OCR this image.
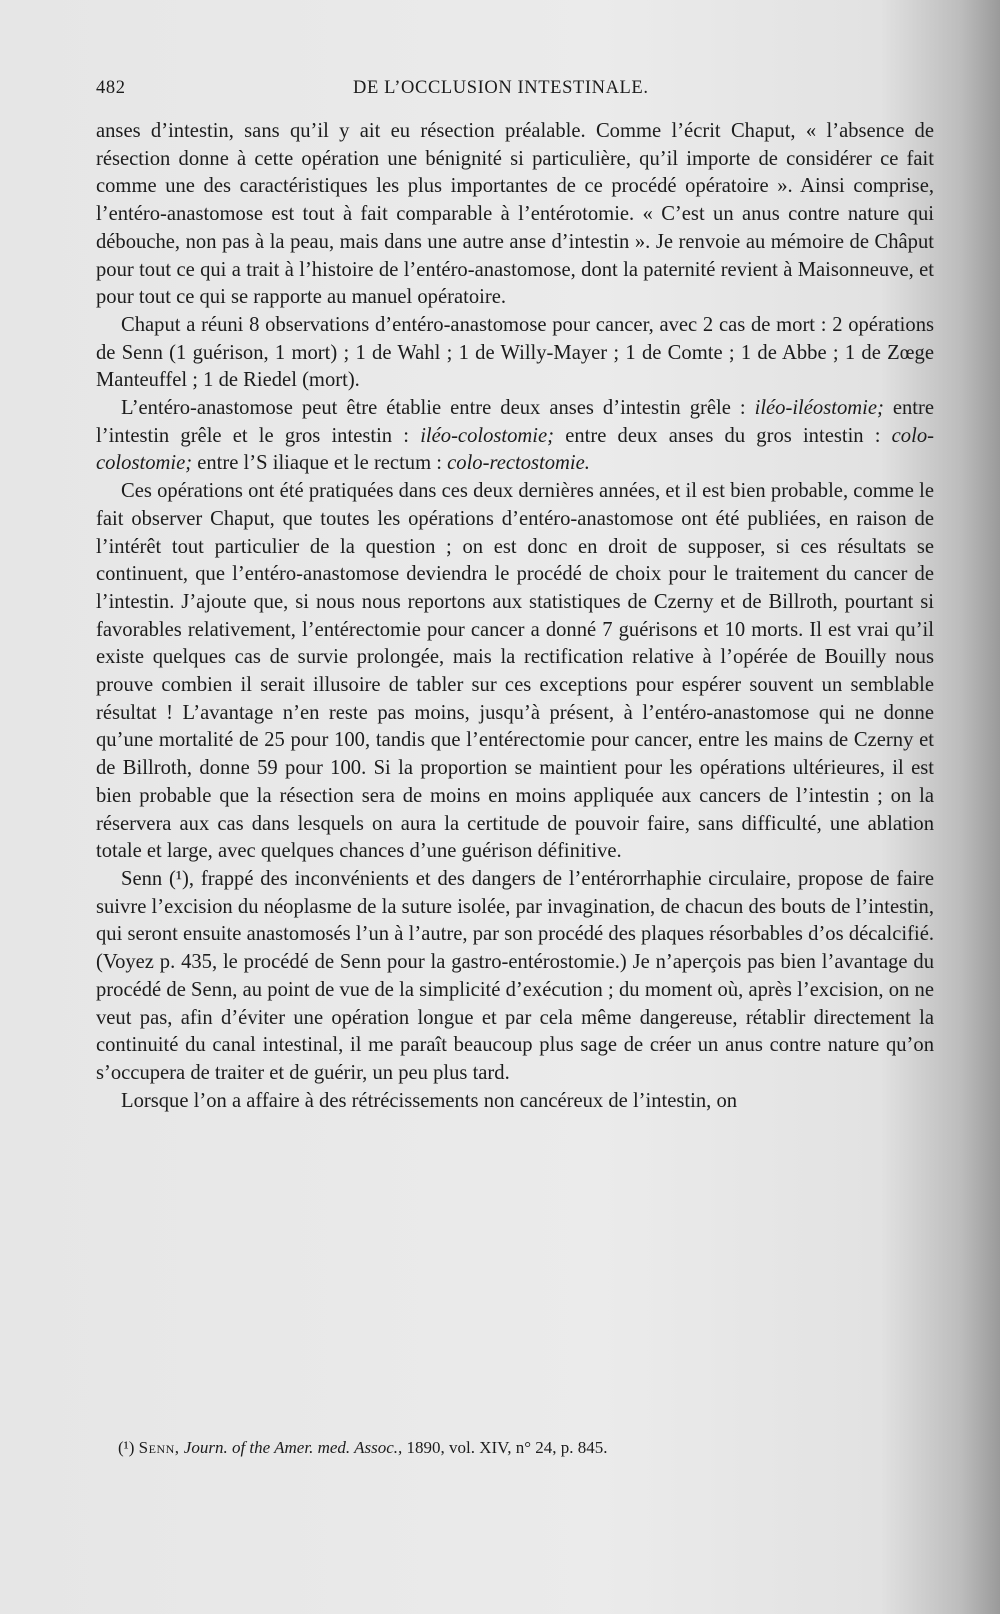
482	DE L’OCCLUSION INTESTINALE.

anses d’intestin, sans qu’il y ait eu résection préalable. Comme l’écrit Chaput, « l’absence de résection donne à cette opération une bénignité si particulière, qu’il importe de considérer ce fait comme une des caractéristiques les plus importantes de ce procédé opératoire ». Ainsi comprise, l’entéro-anastomose est tout à fait comparable à l’entérotomie. « C’est un anus contre nature qui débouche, non pas à la peau, mais dans une autre anse d’intestin ». Je renvoie au mémoire de Châput pour tout ce qui a trait à l’histoire de l’entéro-anastomose, dont la paternité revient à Maisonneuve, et pour tout ce qui se rapporte au manuel opératoire.

Chaput a réuni 8 observations d’entéro-anastomose pour cancer, avec 2 cas de mort : 2 opérations de Senn (1 guérison, 1 mort) ; 1 de Wahl ; 1 de Willy-Mayer ; 1 de Comte ; 1 de Abbe ; 1 de Zœge Manteuffel ; 1 de Riedel (mort).

L’entéro-anastomose peut être établie entre deux anses d’intestin grêle : iléo-iléostomie; entre l’intestin grêle et le gros intestin : iléo-colostomie; entre deux anses du gros intestin : colo-colostomie; entre l’S iliaque et le rectum : colo-rectostomie.

Ces opérations ont été pratiquées dans ces deux dernières années, et il est bien probable, comme le fait observer Chaput, que toutes les opérations d’entéro-anastomose ont été publiées, en raison de l’intérêt tout particulier de la question ; on est donc en droit de supposer, si ces résultats se continuent, que l’entéro-anastomose deviendra le procédé de choix pour le traitement du cancer de l’intestin. J’ajoute que, si nous nous reportons aux statistiques de Czerny et de Billroth, pourtant si favorables relativement, l’entérectomie pour cancer a donné 7 guérisons et 10 morts. Il est vrai qu’il existe quelques cas de survie prolongée, mais la rectification relative à l’opérée de Bouilly nous prouve combien il serait illusoire de tabler sur ces exceptions pour espérer souvent un semblable résultat ! L’avantage n’en reste pas moins, jusqu’à présent, à l’entéro-anastomose qui ne donne qu’une mortalité de 25 pour 100, tandis que l’entérectomie pour cancer, entre les mains de Czerny et de Billroth, donne 59 pour 100. Si la proportion se maintient pour les opérations ultérieures, il est bien probable que la résection sera de moins en moins appliquée aux cancers de l’intestin ; on la réservera aux cas dans lesquels on aura la certitude de pouvoir faire, sans difficulté, une ablation totale et large, avec quelques chances d’une guérison définitive.

Senn (¹), frappé des inconvénients et des dangers de l’entérorrhaphie circulaire, propose de faire suivre l’excision du néoplasme de la suture isolée, par invagination, de chacun des bouts de l’intestin, qui seront ensuite anastomosés l’un à l’autre, par son procédé des plaques résorbables d’os décalcifié. (Voyez p. 435, le procédé de Senn pour la gastro-entérostomie.) Je n’aperçois pas bien l’avantage du procédé de Senn, au point de vue de la simplicité d’exécution ; du moment où, après l’excision, on ne veut pas, afin d’éviter une opération longue et par cela même dangereuse, rétablir directement la continuité du canal intestinal, il me paraît beaucoup plus sage de créer un anus contre nature qu’on s’occupera de traiter et de guérir, un peu plus tard.

Lorsque l’on a affaire à des rétrécissements non cancéreux de l’intestin, on

(¹) Senn, Journ. of the Amer. med. Assoc., 1890, vol. XIV, n° 24, p. 845.
